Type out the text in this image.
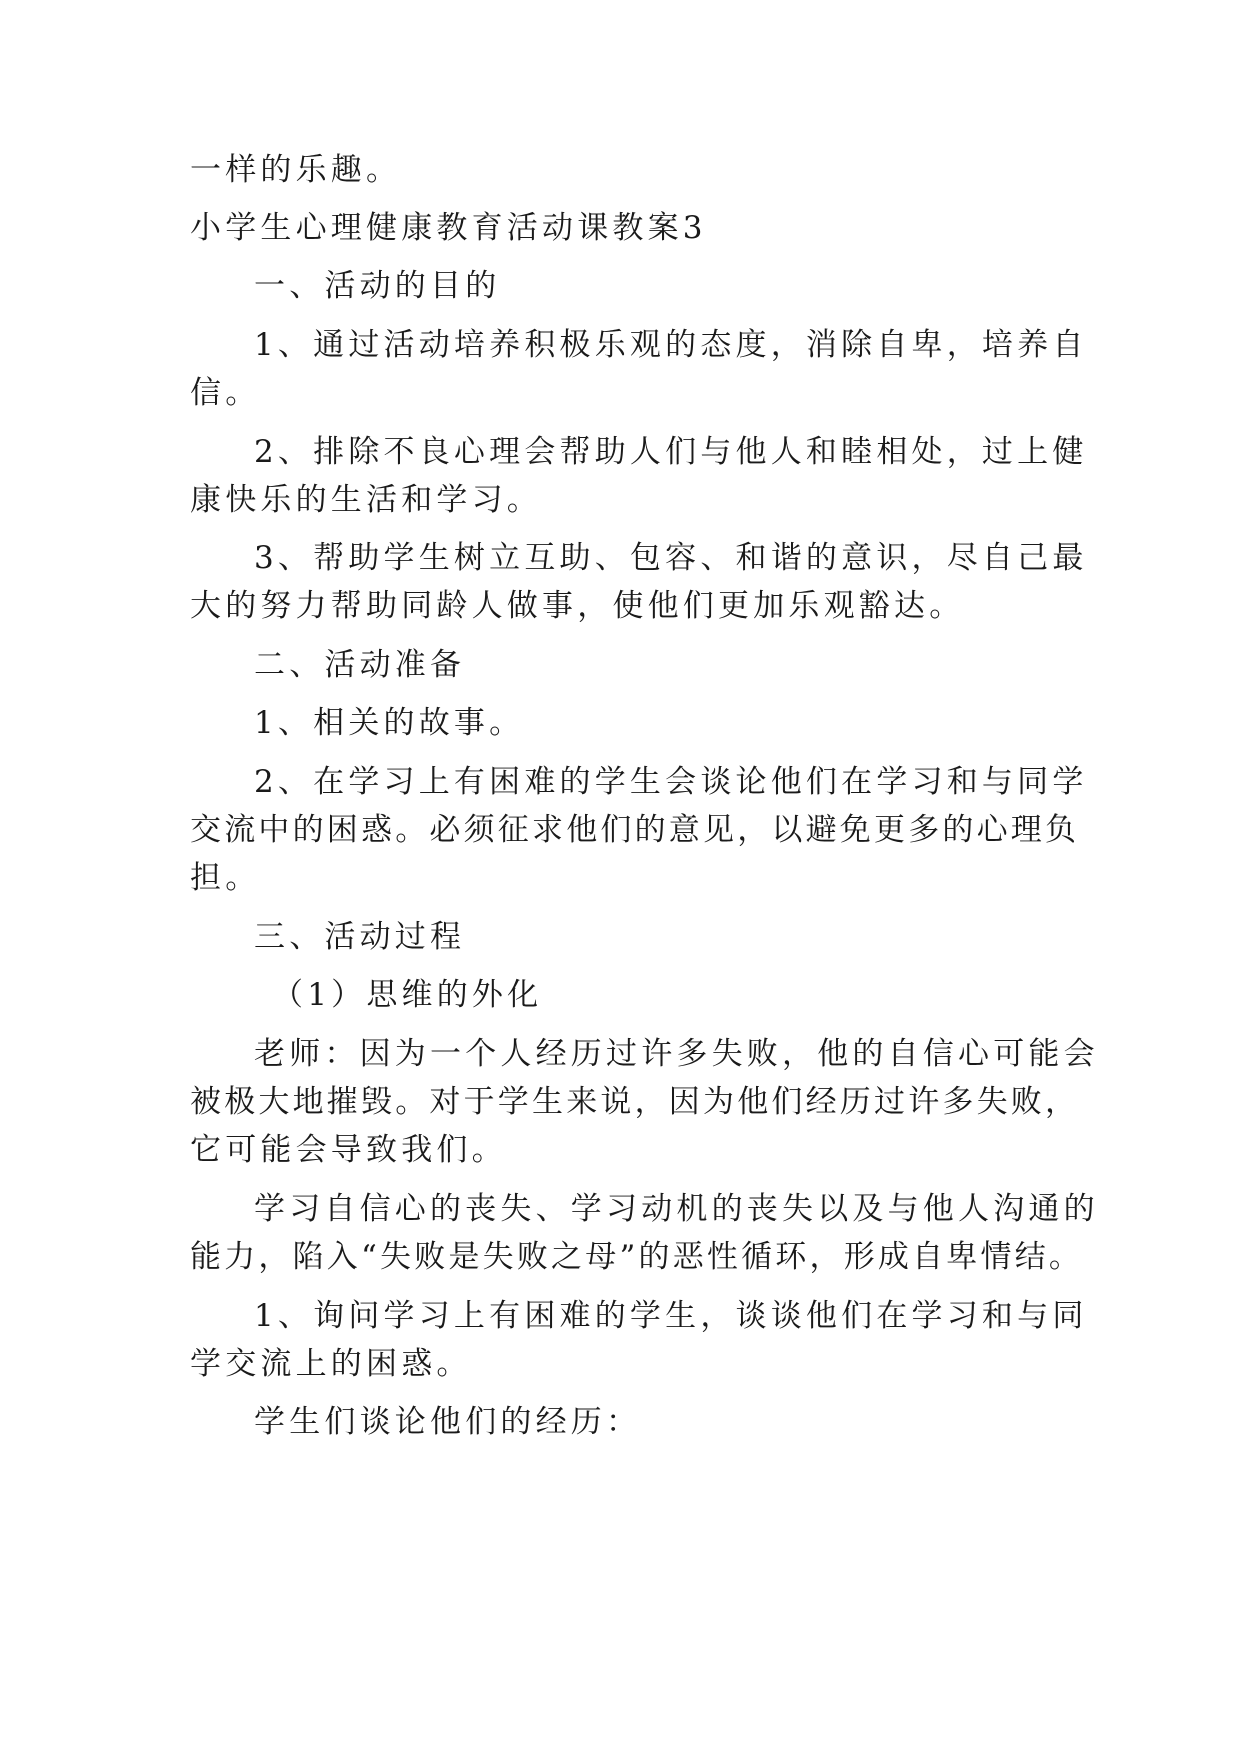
一样的乐趣。
小学生心理健康教育活动课教案3
一、活动的目的
1、通过活动培养积极乐观的态度，消除自卑，培养自
信。
2、排除不良心理会帮助人们与他人和睦相处，过上健
康快乐的生活和学习。
3、帮助学生树立互助、包容、和谐的意识，尽自己最
大的努力帮助同龄人做事，使他们更加乐观豁达。
二、活动准备
1、相关的故事。
2、在学习上有困难的学生会谈论他们在学习和与同学
交流中的困惑。必须征求他们的意见，以避免更多的心理负
担。
三、活动过程
（1）思维的外化
老师：因为一个人经历过许多失败，他的自信心可能会
被极大地摧毁。对于学生来说，因为他们经历过许多失败，
它可能会导致我们。
学习自信心的丧失、学习动机的丧失以及与他人沟通的
能力，陷入“失败是失败之母”的恶性循环，形成自卑情结。
1、询问学习上有困难的学生，谈谈他们在学习和与同
学交流上的困惑。
学生们谈论他们的经历：
